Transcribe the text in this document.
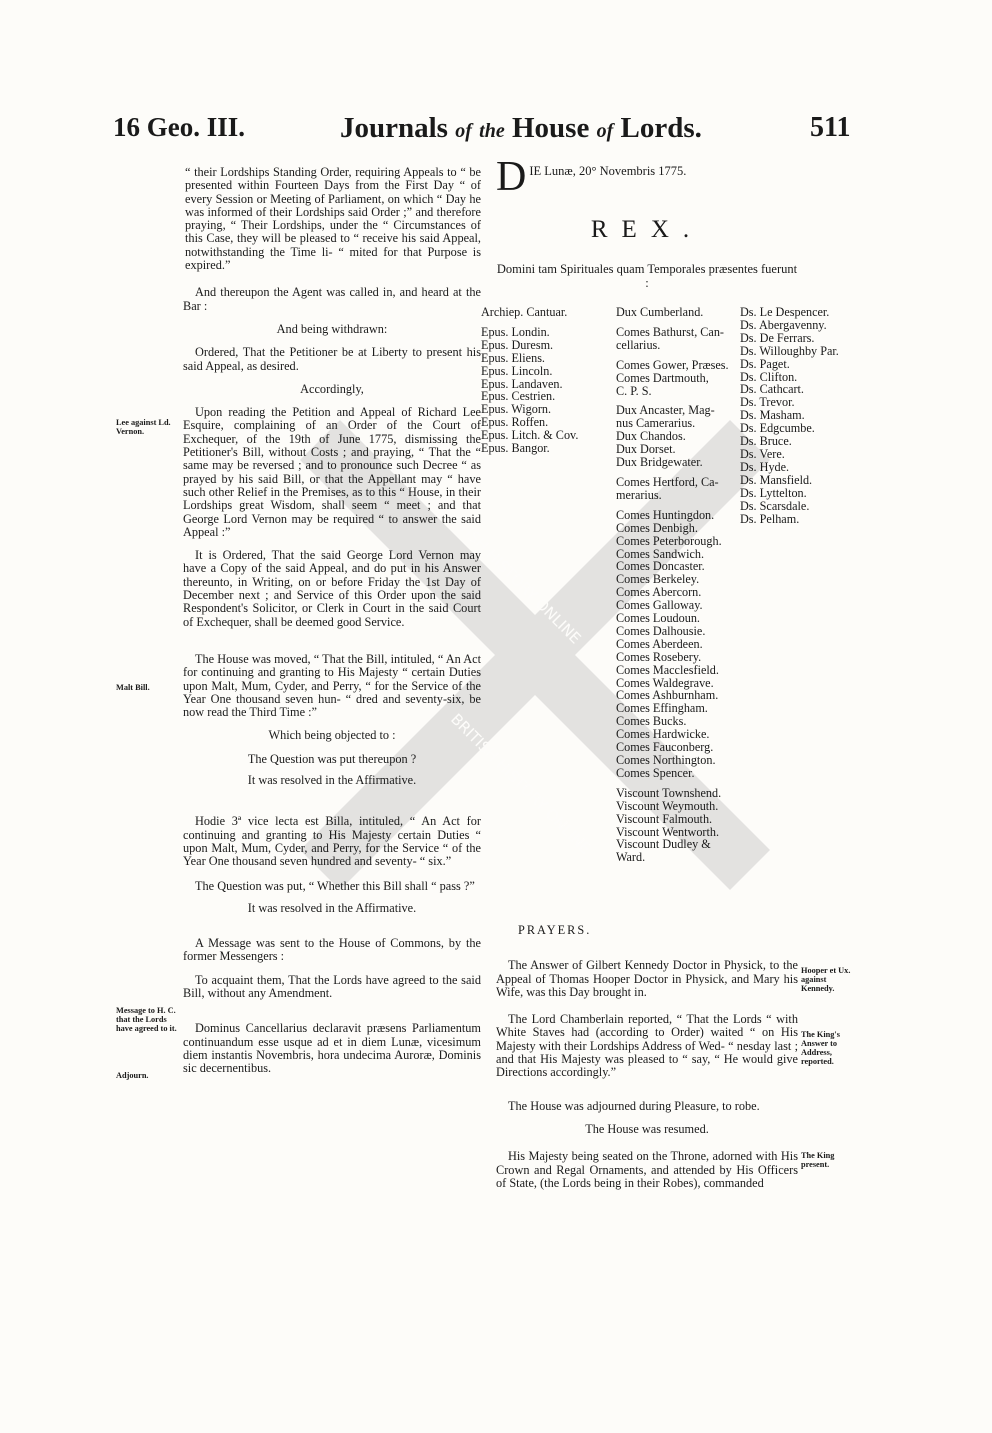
BRITISH HISTORY ONLINE
BRITISH HISTORY ONLINE
16 Geo. III.	Journals of the House of Lords.	511

“ their Lordships Standing Order, requiring Appeals to “ be presented within Fourteen Days from the First Day “ of every Session or Meeting of Parliament, on which “ Day he was informed of their Lordships said Order ;” and therefore praying, “ Their Lordships, under the “ Circumstances of this Case, they will be pleased to “ receive his said Appeal, notwithstanding the Time li- “ mited for that Purpose is expired.”

And thereupon the Agent was called in, and heard at the Bar :

And being withdrawn:

Ordered, That the Petitioner be at Liberty to present his said Appeal, as desired.

Accordingly,

Upon reading the Petition and Appeal of Richard Lee Esquire, complaining of an Order of the Court of Exchequer, of the 19th of June 1775, dismissing the Petitioner's Bill, without Costs ; and praying, “ That the “ same may be reversed ; and to pronounce such Decree “ as prayed by his said Bill, or that the Appellant may “ have such other Relief in the Premises, as to this “ House, in their Lordships great Wisdom, shall seem “ meet ; and that George Lord Vernon may be required “ to answer the said Appeal :”

It is Ordered, That the said George Lord Vernon may have a Copy of the said Appeal, and do put in his Answer thereunto, in Writing, on or before Friday the 1st Day of December next ; and Service of this Order upon the said Respondent's Solicitor, or Clerk in Court in the said Court of Exchequer, shall be deemed good Service.

The House was moved, “ That the Bill, intituled, “ An Act for continuing and granting to His Majesty “ certain Duties upon Malt, Mum, Cyder, and Perry, “ for the Service of the Year One thousand seven hun- “ dred and seventy-six, be now read the Third Time :”

Which being objected to :

The Question was put thereupon ?

It was resolved in the Affirmative.

Hodie 3ª vice lecta est Billa, intituled, “ An Act for continuing and granting to His Majesty certain Duties “ upon Malt, Mum, Cyder, and Perry, for the Service “ of the Year One thousand seven hundred and seventy- “ six.”

The Question was put, “ Whether this Bill shall “ pass ?”

It was resolved in the Affirmative.

A Message was sent to the House of Commons, by the former Messengers :

To acquaint them, That the Lords have agreed to the said Bill, without any Amendment.

Dominus Cancellarius declaravit præsens Parliamentum continuandum esse usque ad et in diem Lunæ, vicesimum diem instantis Novembris, hora undecima Auroræ, Dominis sic decernentibus.

Lee against Ld. Vernon.
Malt Bill.
Message to H. C. that the Lords have agreed to it.
Adjourn.
D IE Lunæ, 20° Novembris 1775.
REX.
Domini tam Spirituales quam Temporales præsentes fuerunt :
Archiep. Cantuar.
Epus. Londin.
Epus. Duresm.
Epus. Eliens.
Epus. Lincoln.
Epus. Landaven.
Epus. Cestrien.
Epus. Wigorn.
Epus. Roffen.
Epus. Litch. & Cov.
Epus. Bangor.
Dux Cumberland.
Comes Bathurst, Can-
cellarius.
Comes Gower, Præses.
Comes Dartmouth,
C. P. S.
Dux Ancaster, Mag-
nus Camerarius.
Dux Chandos.
Dux Dorset.
Dux Bridgewater.
Comes Hertford, Ca-
merarius.
Comes Huntingdon.
Comes Denbigh.
Comes Peterborough.
Comes Sandwich.
Comes Doncaster.
Comes Berkeley.
Comes Abercorn.
Comes Galloway.
Comes Loudoun.
Comes Dalhousie.
Comes Aberdeen.
Comes Rosebery.
Comes Macclesfield.
Comes Waldegrave.
Comes Ashburnham.
Comes Effingham.
Comes Bucks.
Comes Hardwicke.
Comes Fauconberg.
Comes Northington.
Comes Spencer.
Viscount Townshend.
Viscount Weymouth.
Viscount Falmouth.
Viscount Wentworth.
Viscount Dudley &
Ward.
Ds. Le Despencer.
Ds. Abergavenny.
Ds. De Ferrars.
Ds. Willoughby Par.
Ds. Paget.
Ds. Clifton.
Ds. Cathcart.
Ds. Trevor.
Ds. Masham.
Ds. Edgcumbe.
Ds. Bruce.
Ds. Vere.
Ds. Hyde.
Ds. Mansfield.
Ds. Lyttelton.
Ds. Scarsdale.
Ds. Pelham.

PRAYERS.

The Answer of Gilbert Kennedy Doctor in Physick, to the Appeal of Thomas Hooper Doctor in Physick, and Mary his Wife, was this Day brought in.

The Lord Chamberlain reported, “ That the Lords “ with White Staves had (according to Order) waited “ on His Majesty with their Lordships Address of Wed- “ nesday last ; and that His Majesty was pleased to “ say, “ He would give Directions accordingly.”

The House was adjourned during Pleasure, to robe.

The House was resumed.

His Majesty being seated on the Throne, adorned with His Crown and Regal Ornaments, and attended by His Officers of State, (the Lords being in their Robes), commanded

Hooper et Ux. against Kennedy.
The King's Answer to Address, reported.
The King present.
